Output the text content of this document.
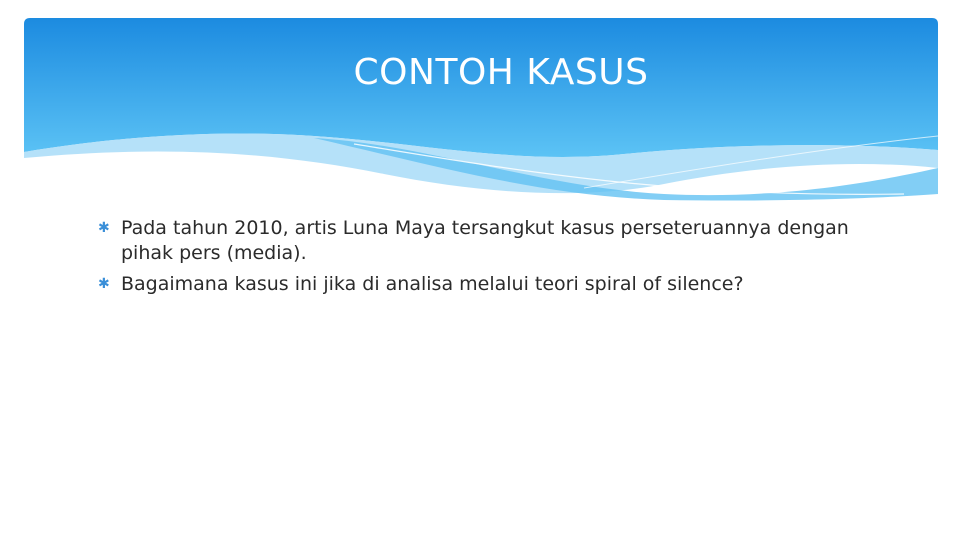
CONTOH KASUS
✱ Pada tahun 2010, artis Luna Maya tersangkut kasus perseteruannya dengan pihak pers (media).
✱ Bagaimana kasus ini jika di analisa melalui teori spiral of silence?
